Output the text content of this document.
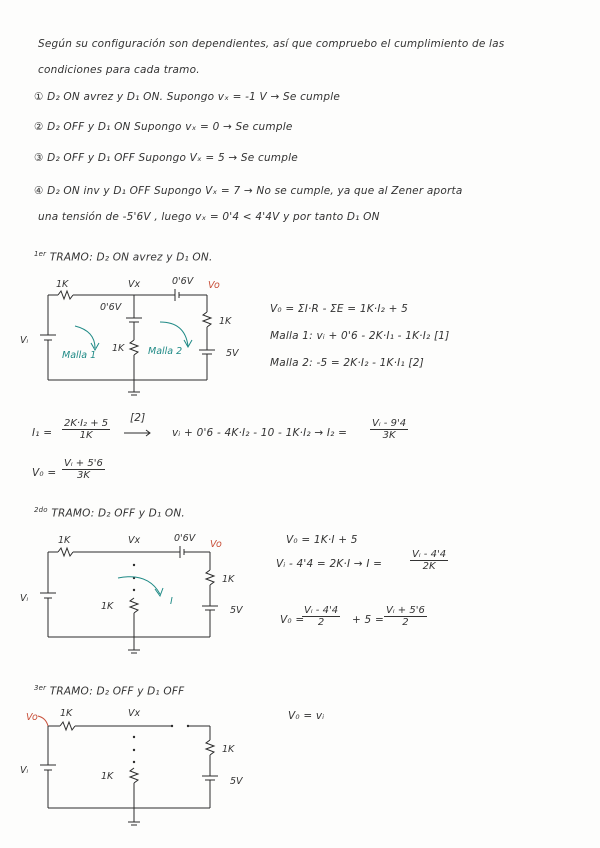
Según su configuración son dependientes, así que compruebo el cumplimiento de las
condiciones para cada tramo.
① D₂ ON avrez y D₁ ON. Supongo vₓ = -1 V → Se cumple
② D₂ OFF y D₁ ON Supongo vₓ = 0 → Se cumple
③ D₂ OFF y D₁ OFF Supongo Vₓ = 5 → Se cumple
④ D₂ ON inv y D₁ OFF Supongo Vₓ = 7 → No se cumple, ya que al Zener aporta
una tensión de -5'6V , luego vₓ = 0'4 < 4'4V y por tanto D₁ ON
$^{1er}$ TRAMO: D₂ ON avrez y D₁ ON.
1K	Vx	0'6V Vo
0'6V
1K
1K
5V
Vᵢ
Malla 1	Malla 2
1K	Vx	0'6V
Vo
1K
1K
5V
Vᵢ	I
Vo 1K	Vx
1K
1K
5V
Vᵢ
V₀ = ΣI·R - ΣE = 1K·I₂ + 5
Malla 1: vᵢ + 0'6 - 2K·I₁ - 1K·I₂ [1]
Malla 2: -5 = 2K·I₂ - 1K·I₁ [2]
$I_1 = \frac{\text{2K·I₂ + 5}}{1K} [2]$
vᵢ + $0'6 - 4K\cdot I_2 - 10 - 1K\cdot I_2 \to I_2 = \frac{\text{Vᵢ - 9'4}}{3K}$
$V_0 = \frac{\text{Vᵢ + 5'6}}{3K}$
$^{2do}$ TRAMO: D₂ OFF y D₁ ON.
V₀ = 1K·I + 5
Vᵢ - 4'4 = 2K·I → I =	$\frac{\text{Vᵢ - 4'4}}{2K}$
V₀ =
$\frac{\text{Vᵢ - 4'4}}{2} + 5 = \frac{\text{Vᵢ + 5'6}}{2}$
$^{3er}$ TRAMO: D₂ OFF y D₁ OFF
V₀ = vᵢ
